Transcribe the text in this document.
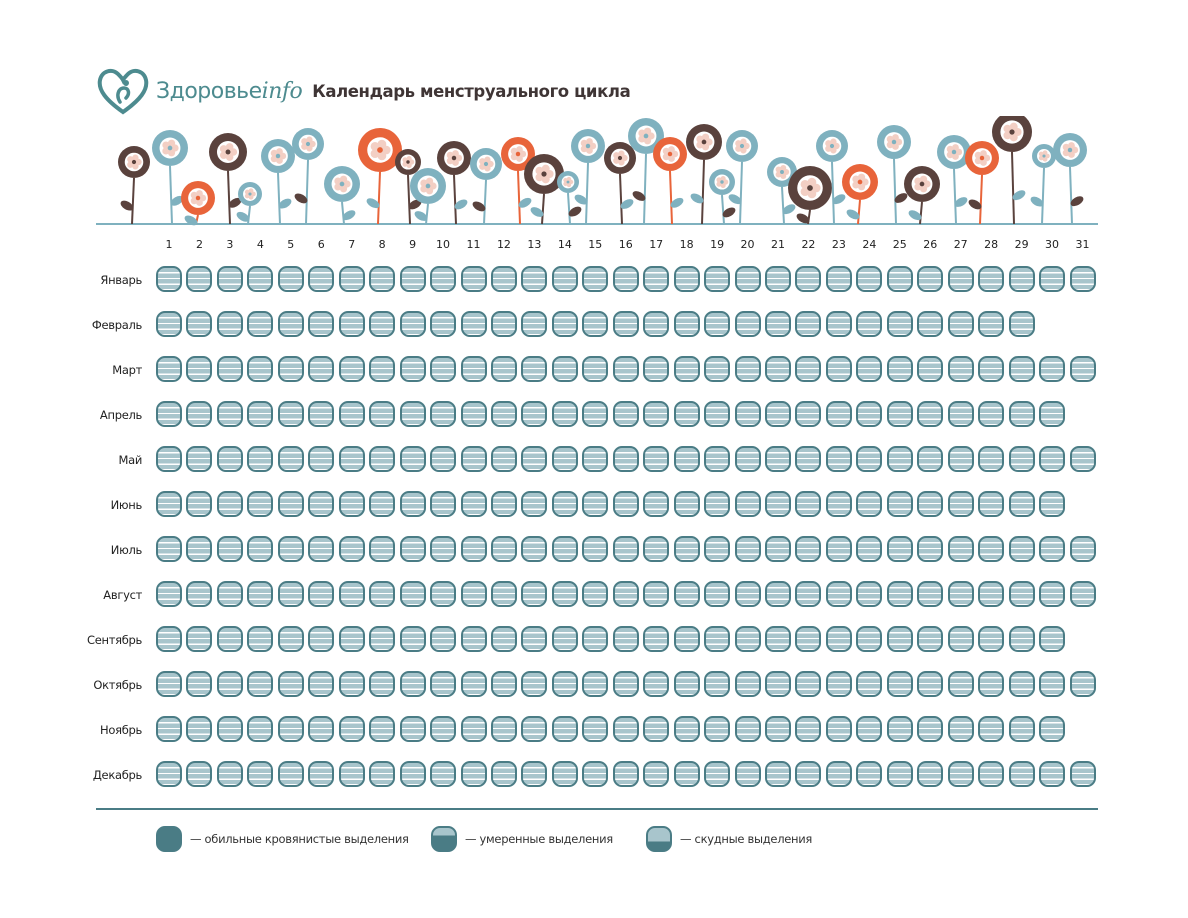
Здоровье info Календарь менструального цикла
1	2	3	4	5	6	7	8	9	10	11	12	13	14	15	16	17	18	19	20	21	22	23	24	25	26	27	28	29	30	31
Январь
Февраль
Март
Апрель
Май
Июнь
Июль
Август
Сентябрь
Октябрь
Ноябрь
Декабрь
— обильные кровянистые выделения	— умеренные выделения	— скудные выделения
